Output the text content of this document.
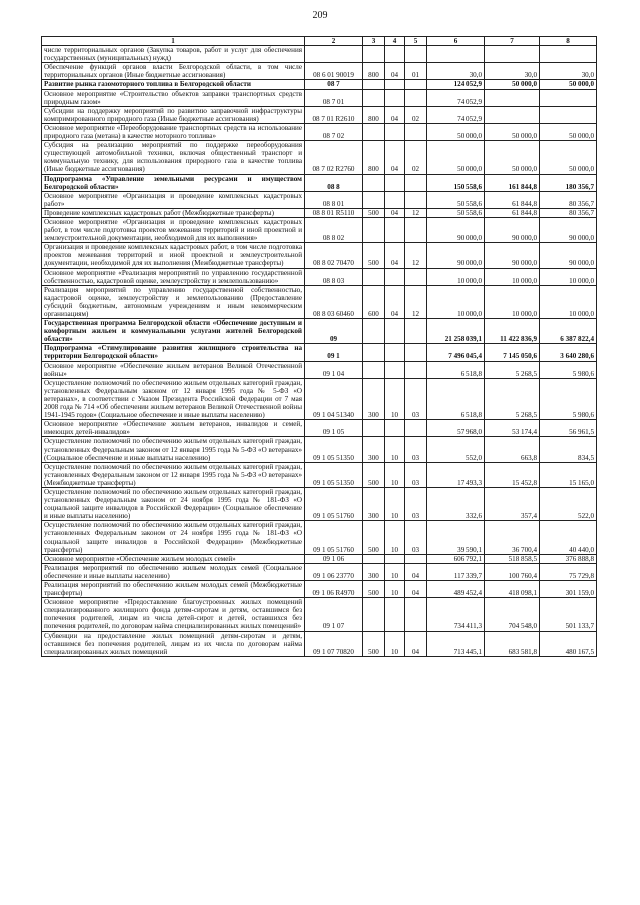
209
1	2	3	4	5	6	7	8
числе территориальных органов (Закупка товаров, работ и услуг для обеспечения государственных (муниципальных) нужд)							
Обеспечение функций органов власти Белгородской области, в том числе территориальных органов (Иные бюджетные ассигнования)	08 6 01 90019	800	04	01	30,0	30,0	30,0
Развитие рынка газомоторного топлива в Белгородской области	08 7				124 052,9	50 000,0	50 000,0
Основное мероприятие «Строительство объектов заправки транспортных средств природным газом»	08 7 01				74 052,9		
Субсидии на поддержку мероприятий по развитию заправочной инфраструктуры компримированного природного газа (Иные бюджетные ассигнования)	08 7 01 R2610	800	04	02	74 052,9		
Основное мероприятие «Переоборудование транспортных средств на использование природного газа (метана) в качестве моторного топлива»	08 7 02				50 000,0	50 000,0	50 000,0
Субсидия на реализацию мероприятий по поддержке переоборудования существующей автомобильной техники, включая общественный транспорт и коммунальную технику, для использования природного газа в качестве топлива (Иные бюджетные ассигнования)	08 7 02 R2760	800	04	02	50 000,0	50 000,0	50 000,0
Подпрограмма «Управление земельными ресурсами и имуществом Белгородской области»	08 8				150 558,6	161 844,8	180 356,7
Основное мероприятие «Организация и проведение комплексных кадастровых работ»	08 8 01				50 558,6	61 844,8	80 356,7
Проведение комплексных кадастровых работ (Межбюджетные трансферты)	08 8 01 R5110	500	04	12	50 558,6	61 844,8	80 356,7
Основное мероприятие «Организация и проведение комплексных кадастровых работ, в том числе подготовка проектов межевания территорий и иной проектной и землеустроительной документации, необходимой для их выполнения»	08 8 02				90 000,0	90 000,0	90 000,0
Организация и проведение комплексных кадастровых работ, в том числе подготовка проектов межевания территорий и иной проектной и землеустроительной документации, необходимой для их выполнения (Межбюджетные трансферты)	08 8 02 70470	500	04	12	90 000,0	90 000,0	90 000,0
Основное мероприятие «Реализация мероприятий по управлению государственной собственностью, кадастровой оценке, землеустройству и землепользованию»	08 8 03				10 000,0	10 000,0	10 000,0
Реализация мероприятий по управлению государственной собственностью, кадастровой оценке, землеустройству и землепользованию (Предоставление субсидий бюджетным, автономным учреждениям и иным некоммерческим организациям)	08 8 03 60460	600	04	12	10 000,0	10 000,0	10 000,0
Государственная программа Белгородской области «Обеспечение доступным и комфортным жильем и коммунальными услугами жителей Белгородской области»	09				21 258 039,1	11 422 836,9	6 387 822,4
Подпрограмма «Стимулирование развития жилищного строительства на территории Белгородской области»	09 1				7 496 045,4	7 145 050,6	3 640 280,6
Основное мероприятие «Обеспечение жильем ветеранов Великой Отечественной войны»	09 1 04				6 518,8	5 268,5	5 980,6
Осуществление полномочий по обеспечению жильем отдельных категорий граждан, установленных Федеральным законом от 12 января 1995 года № 5-ФЗ «О ветеранах», в соответствии с Указом Президента Российской Федерации от 7 мая 2008 года № 714 «Об обеспечении жильем ветеранов Великой Отечественной войны 1941-1945 годов» (Социальное обеспечение и иные выплаты населению)	09 1 04 51340	300	10	03	6 518,8	5 268,5	5 980,6
Основное мероприятие «Обеспечение жильем ветеранов, инвалидов и семей, имеющих детей-инвалидов»	09 1 05				57 968,0	53 174,4	56 961,5
Осуществление полномочий по обеспечению жильем отдельных категорий граждан, установленных Федеральным законом от 12 января 1995 года № 5-ФЗ «О ветеранах» (Социальное обеспечение и иные выплаты населению)	09 1 05 51350	300	10	03	552,0	663,8	834,5
Осуществление полномочий по обеспечению жильем отдельных категорий граждан, установленных Федеральным законом от 12 января 1995 года № 5-ФЗ «О ветеранах» (Межбюджетные трансферты)	09 1 05 51350	500	10	03	17 493,3	15 452,8	15 165,0
Осуществление полномочий по обеспечению жильем отдельных категорий граждан, установленных Федеральным законом от 24 ноября 1995 года № 181-ФЗ «О социальной защите инвалидов в Российской Федерации» (Социальное обеспечение и иные выплаты населению)	09 1 05 51760	300	10	03	332,6	357,4	522,0
Осуществление полномочий по обеспечению жильем отдельных категорий граждан, установленных Федеральным законом от 24 ноября 1995 года № 181-ФЗ «О социальной защите инвалидов в Российской Федерации» (Межбюджетные трансферты)	09 1 05 51760	500	10	03	39 590,1	36 700,4	40 440,0
Основное мероприятие «Обеспечение жильем молодых семей»	09 1 06				606 792,1	518 858,5	376 888,8
Реализация мероприятий по обеспечению жильем молодых семей (Социальное обеспечение и иные выплаты населению)	09 1 06 23770	300	10	04	117 339,7	100 760,4	75 729,8
Реализация мероприятий по обеспечению жильем молодых семей (Межбюджетные трансферты)	09 1 06 R4970	500	10	04	489 452,4	418 098,1	301 159,0
Основное мероприятие «Предоставление благоустроенных жилых помещений специализированного жилищного фонда детям-сиротам и детям, оставшимся без попечения родителей, лицам из числа детей-сирот и детей, оставшихся без попечения родителей, по договорам найма специализированных жилых помещений»	09 1 07				734 411,3	704 548,0	501 133,7
Субвенции на предоставление жилых помещений детям-сиротам и детям, оставшимся без попечения родителей, лицам из их числа по договорам найма специализированных жилых помещений	09 1 07 70820	500	10	04	713 445,1	683 581,8	480 167,5
